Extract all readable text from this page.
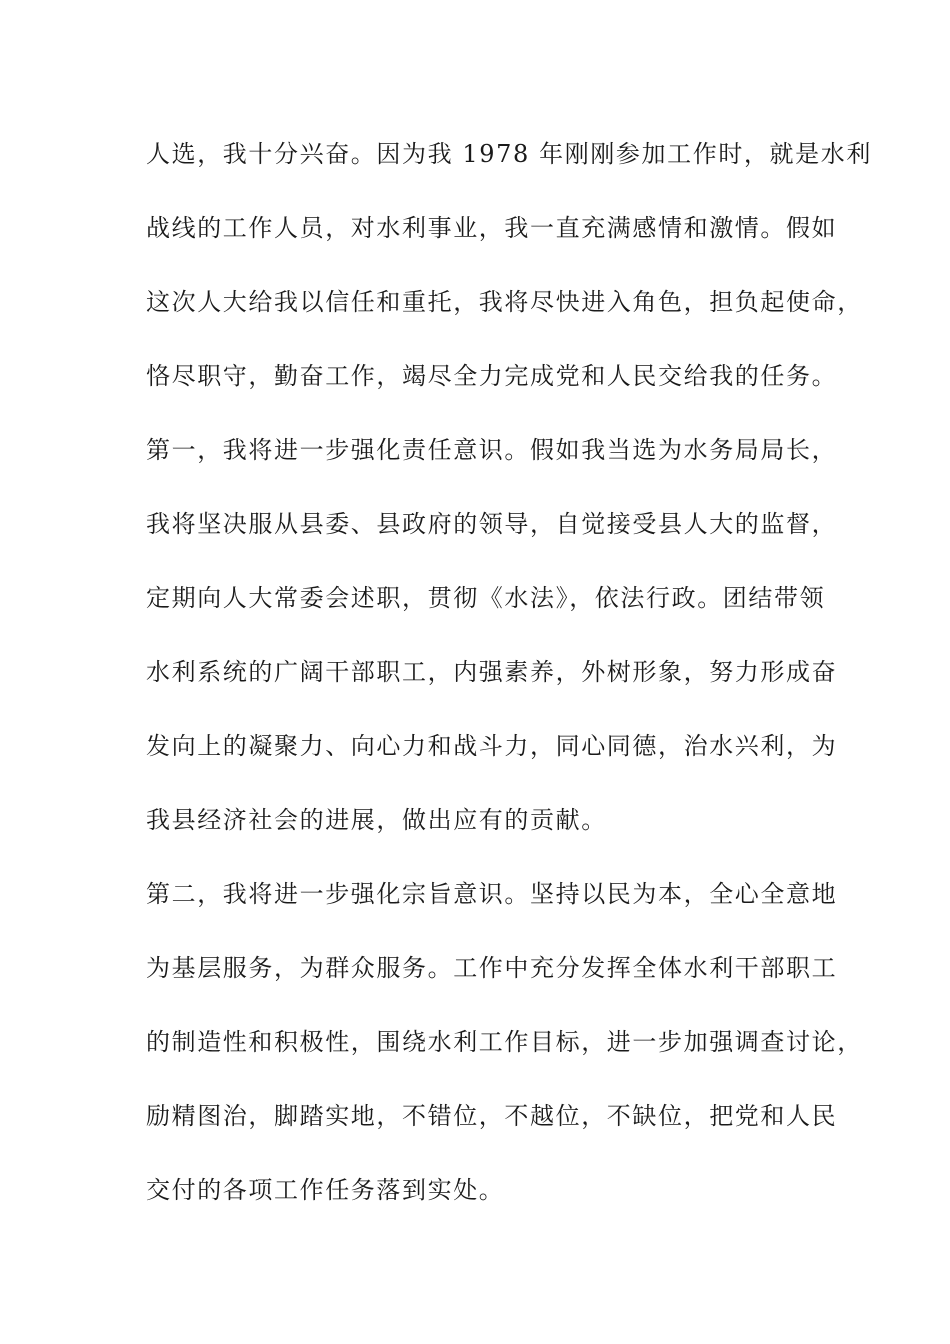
人选，我十分兴奋。因为我 1978 年刚刚参加工作时，就是水利
战线的工作人员，对水利事业，我一直充满感情和激情。假如
这次人大给我以信任和重托，我将尽快进入角色，担负起使命，
恪尽职守，勤奋工作，竭尽全力完成党和人民交给我的任务。
第一，我将进一步强化责任意识。假如我当选为水务局局长，
我将坚决服从县委、县政府的领导，自觉接受县人大的监督，
定期向人大常委会述职，贯彻《水法》，依法行政。团结带领
水利系统的广阔干部职工，内强素养，外树形象，努力形成奋
发向上的凝聚力、向心力和战斗力，同心同德，治水兴利，为
我县经济社会的进展，做出应有的贡献。
第二，我将进一步强化宗旨意识。坚持以民为本，全心全意地
为基层服务，为群众服务。工作中充分发挥全体水利干部职工
的制造性和积极性，围绕水利工作目标，进一步加强调查讨论，
励精图治，脚踏实地，不错位，不越位，不缺位，把党和人民
交付的各项工作任务落到实处。
